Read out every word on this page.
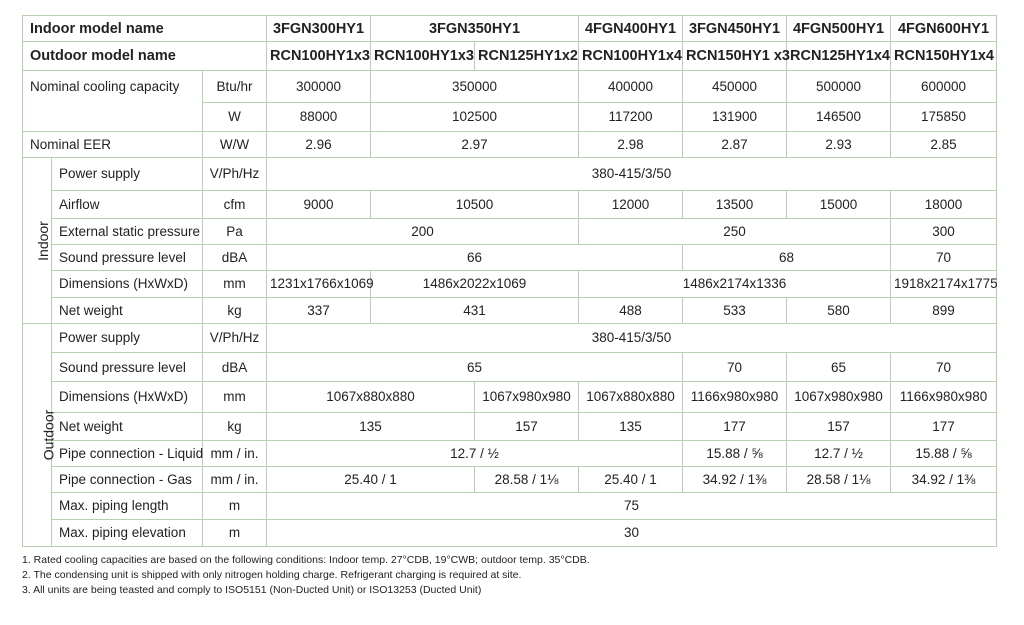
Indoor model name			3FGN300HY1	3FGN350HY1		4FGN400HY1	3FGN450HY1	4FGN500HY1	4FGN600HY1
Outdoor model name			RCN100HY1x3	RCN100HY1x3	RCN125HY1x2	RCN100HY1x4	RCN150HY1 x3	RCN125HY1x4	RCN150HY1x4
Nominal cooling capacity		Btu/hr	300000	350000		400000	450000	500000	600000
		W	88000	102500		117200	131900	146500	175850
Nominal EER		W/W	2.96	2.97		2.98	2.87	2.93	2.85
Indoor	Power supply	V/Ph/Hz	380-415/3/50						
	Airflow	cfm	9000	10500		12000	13500	15000	18000
	External static pressure	Pa	200			250			300
	Sound pressure level	dBA	66				68		70
	Dimensions (HxWxD)	mm	1231x1766x1069	1486x2022x1069		1486x2174x1336			1918x2174x1775
	Net weight	kg	337	431		488	533	580	899
Outdoor	Power supply	V/Ph/Hz	380-415/3/50						
	Sound pressure level	dBA	65				70	65	70
	Dimensions (HxWxD)	mm	1067x880x880		1067x980x980	1067x880x880	1166x980x980	1067x980x980	1166x980x980
	Net weight	kg	135		157	135	177	157	177
	Pipe connection - Liquid	mm / in.	12.7 / ½				15.88 / ⅝	12.7 / ½	15.88 / ⅝
	Pipe connection - Gas	mm / in.	25.40 / 1		28.58 / 1⅛	25.40 / 1	34.92 / 1⅜	28.58 / 1⅛	34.92 / 1⅜
	Max. piping length	m	75						
	Max. piping elevation	m	30						
1. Rated cooling capacities are based on the following conditions: Indoor temp. 27°CDB, 19°CWB; outdoor temp. 35°CDB.
2. The condensing unit is shipped with only nitrogen holding charge. Refrigerant charging is required at site.
3. All units are being teasted and comply to ISO5151 (Non-Ducted Unit) or ISO13253 (Ducted Unit)
